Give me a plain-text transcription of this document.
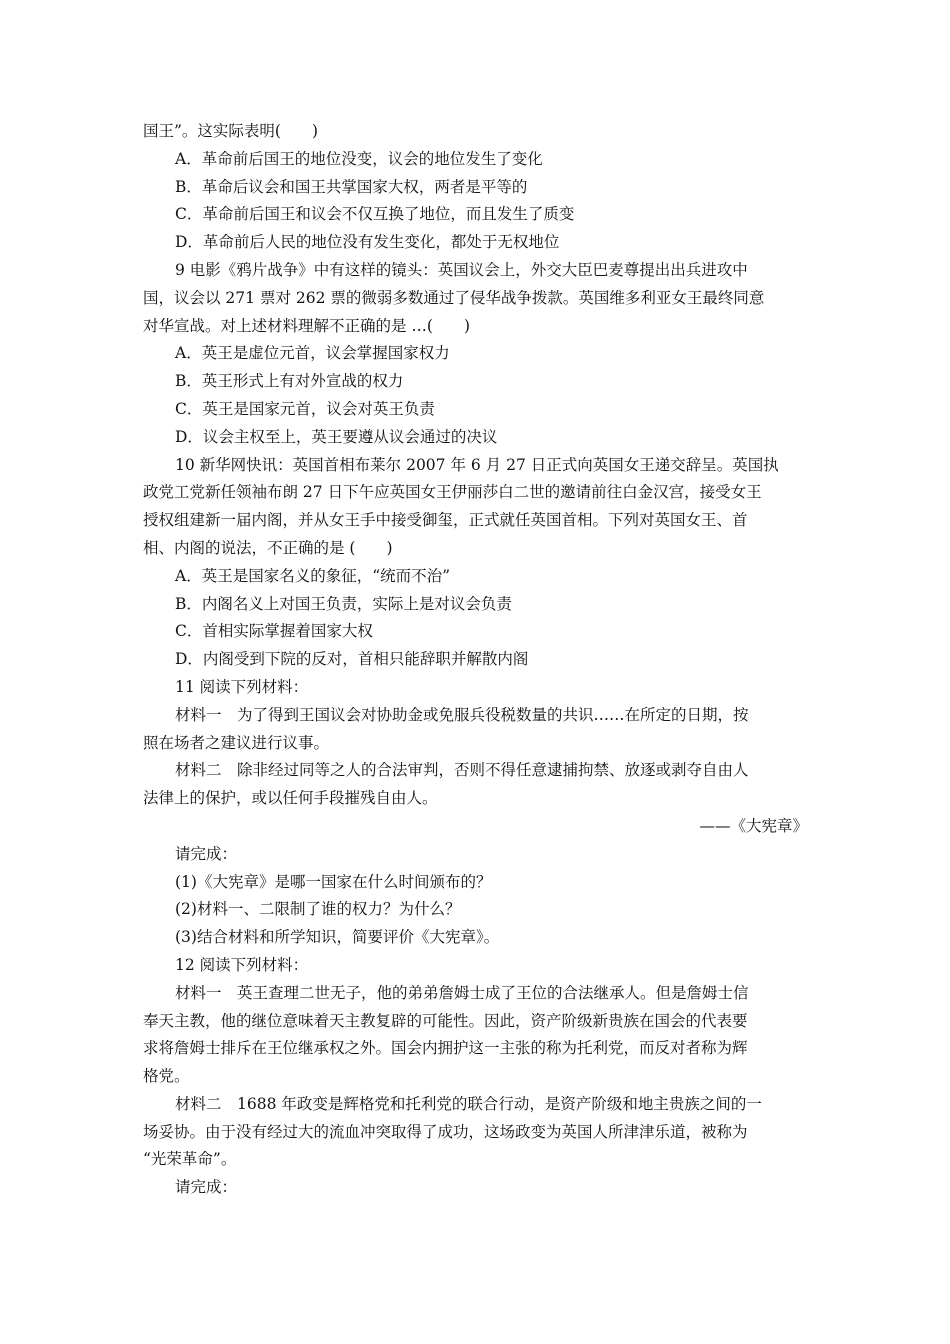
国王”。这实际表明(　　)
A．革命前后国王的地位没变，议会的地位发生了变化
B．革命后议会和国王共掌国家大权，两者是平等的
C．革命前后国王和议会不仅互换了地位，而且发生了质变
D．革命前后人民的地位没有发生变化，都处于无权地位
9 电影《鸦片战争》中有这样的镜头：英国议会上，外交大臣巴麦尊提出出兵进攻中
国，议会以 271 票对 262 票的微弱多数通过了侵华战争拨款。英国维多利亚女王最终同意
对华宣战。对上述材料理解不正确的是 …(　　)
A．英王是虚位元首，议会掌握国家权力
B．英王形式上有对外宣战的权力
C．英王是国家元首，议会对英王负责
D．议会主权至上，英王要遵从议会通过的决议
10 新华网快讯：英国首相布莱尔 2007 年 6 月 27 日正式向英国女王递交辞呈。英国执
政党工党新任领袖布朗 27 日下午应英国女王伊丽莎白二世的邀请前往白金汉宫，接受女王
授权组建新一届内阁，并从女王手中接受御玺，正式就任英国首相。下列对英国女王、首
相、内阁的说法，不正确的是 (　　)
A．英王是国家名义的象征，“统而不治”
B．内阁名义上对国王负责，实际上是对议会负责
C．首相实际掌握着国家大权
D．内阁受到下院的反对，首相只能辞职并解散内阁
11 阅读下列材料：
材料一　为了得到王国议会对协助金或免服兵役税数量的共识……在所定的日期，按
照在场者之建议进行议事。
材料二　除非经过同等之人的合法审判，否则不得任意逮捕拘禁、放逐或剥夺自由人
法律上的保护，或以任何手段摧残自由人。
——《大宪章》
请完成：
(1)《大宪章》是哪一国家在什么时间颁布的？
(2)材料一、二限制了谁的权力？为什么？
(3)结合材料和所学知识，简要评价《大宪章》。
12 阅读下列材料：
材料一　英王查理二世无子，他的弟弟詹姆士成了王位的合法继承人。但是詹姆士信
奉天主教，他的继位意味着天主教复辟的可能性。因此，资产阶级新贵族在国会的代表要
求将詹姆士排斥在王位继承权之外。国会内拥护这一主张的称为托利党，而反对者称为辉
格党。
材料二　1688 年政变是辉格党和托利党的联合行动，是资产阶级和地主贵族之间的一
场妥协。由于没有经过大的流血冲突取得了成功，这场政变为英国人所津津乐道，被称为
“光荣革命”。
请完成：
